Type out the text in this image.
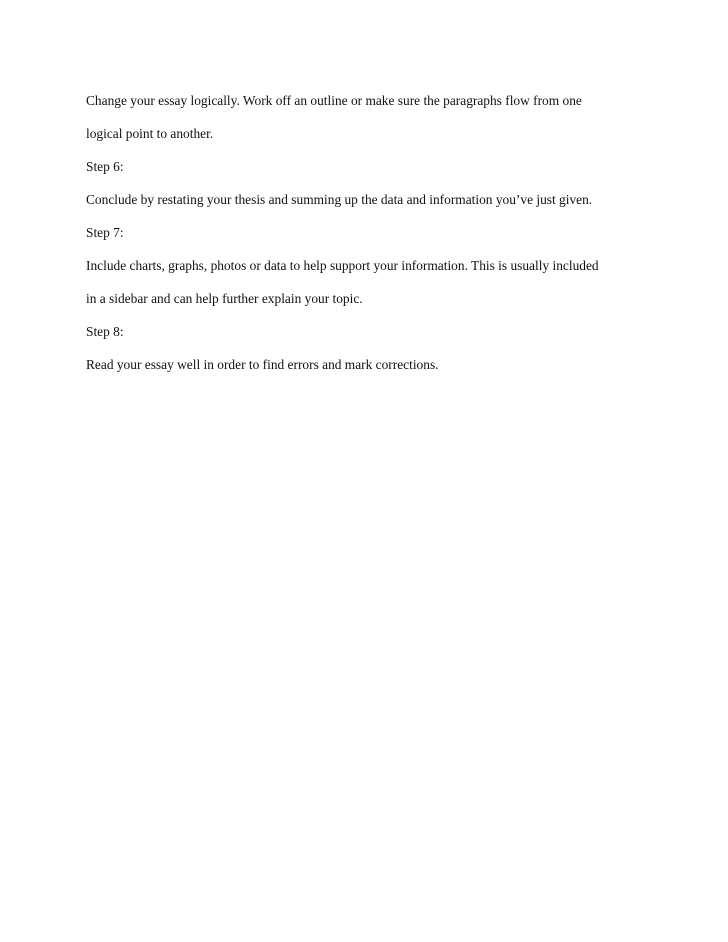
Change your essay logically. Work off an outline or make sure the paragraphs flow from one

logical point to another.

Step 6:

Conclude by restating your thesis and summing up the data and information you’ve just given.

Step 7:

Include charts, graphs, photos or data to help support your information. This is usually included

in a sidebar and can help further explain your topic.

Step 8:

Read your essay well in order to find errors and mark corrections.
